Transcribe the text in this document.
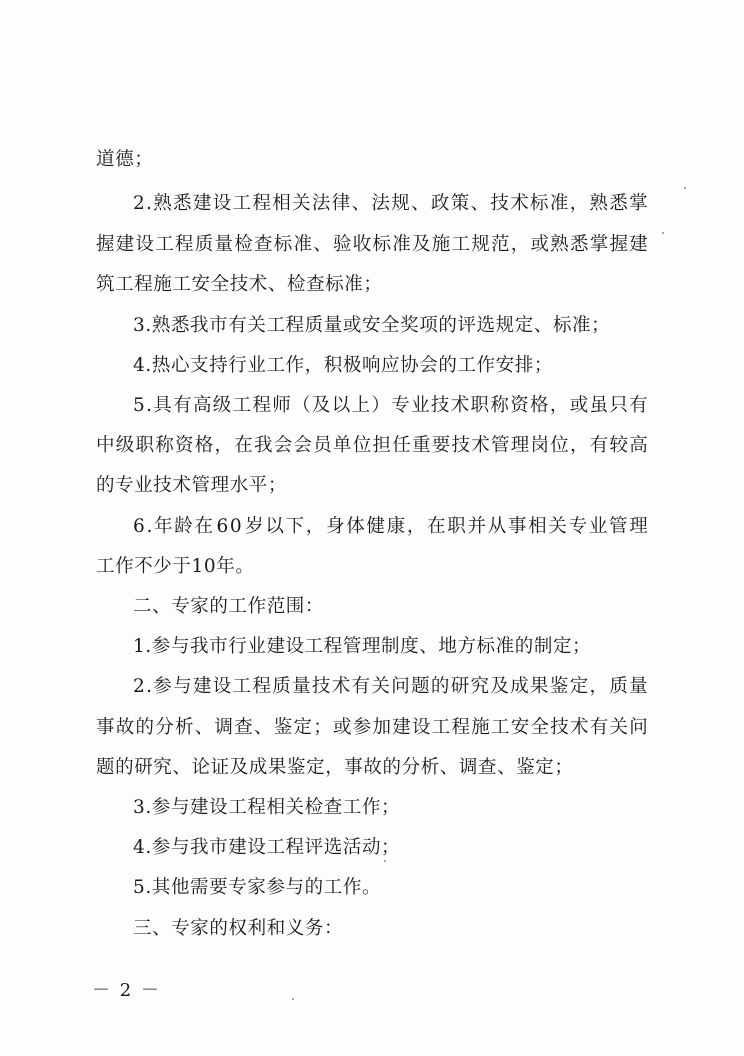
道德；
2 . 熟 悉 建 设 工 程 相 关 法 律 、 法 规 、 政 策 、 技 术 标 准 ， 熟 悉 掌
握 建 设 工 程 质 量 检 查 标 准 、 验 收 标 准 及 施 工 规 范 ， 或 熟 悉 掌 握 建
筑工程施工安全技术、检查标准；
3.熟悉我市有关工程质量或安全奖项的评选规定、标准；
4.热心支持行业工作，积极响应协会的工作安排；
5 . 具 有 高 级 工 程 师 （ 及 以 上 ） 专 业 技 术 职 称 资 格 ， 或 虽 只 有
中 级 职 称 资 格 ， 在 我 会 会 员 单 位 担 任 重 要 技 术 管 理 岗 位 ， 有 较 高
的专业技术管理水平；
6 . 年 龄 在 6 0 岁 以 下 ， 身 体 健 康 ， 在 职 并 从 事 相 关 专 业 管 理
工作不少于10年。
二、专家的工作范围：
1.参与我市行业建设工程管理制度、地方标准的制定；
2 . 参 与 建 设 工 程 质 量 技 术 有 关 问 题 的 研 究 及 成 果 鉴 定 ， 质 量
事 故 的 分 析 、 调 查 、 鉴 定 ； 或 参 加 建 设 工 程 施 工 安 全 技 术 有 关 问
题的研究、论证及成果鉴定，事故的分析、调查、鉴定；
3.参与建设工程相关检查工作；
4.参与我市建设工程评选活动；
5.其他需要专家参与的工作。
三、专家的权利和义务：
－ 2 －
